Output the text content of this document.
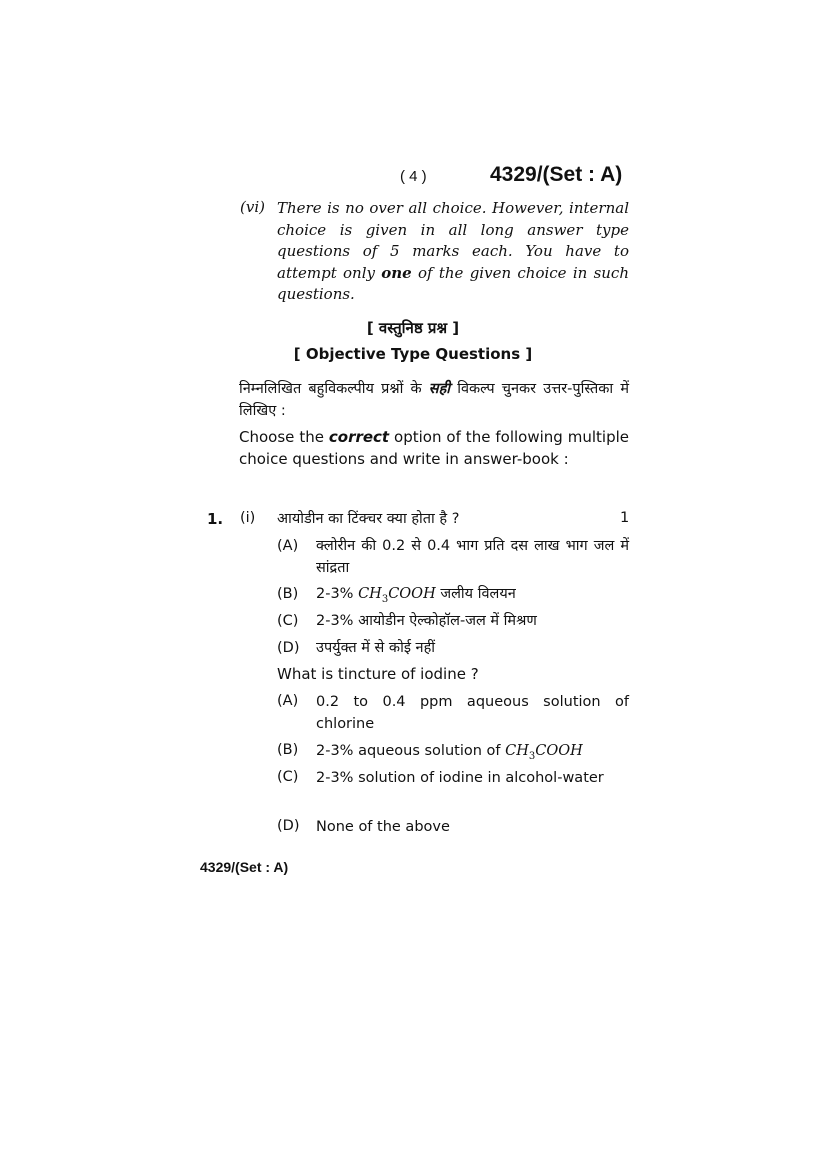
( 4 )	4329/(Set : A)
(vi) There is no over all choice. However, internal choice is given in all long answer type questions of 5 marks each. You have to attempt only one of the given choice in such questions.
[ वस्तुनिष्ठ प्रश्न ]
[ Objective Type Questions ]
निम्नलिखित बहुविकल्पीय प्रश्नों के सही विकल्प चुनकर उत्तर-पुस्तिका में लिखिए :
Choose the correct option of the following multiple choice questions and write in answer-book :
1. (i) आयोडीन का टिंक्चर क्या होता है ?	1
(A) क्लोरीन की 0.2 से 0.4 भाग प्रति दस लाख भाग जल में सांद्रता
(B) 2-3% $CH_3COOH$ जलीय विलयन
(C) 2-3% आयोडीन ऐल्कोहॉल-जल में मिश्रण
(D) उपर्युक्त में से कोई नहीं
What is tincture of iodine ?
(A) 0.2 to 0.4 ppm aqueous solution of chlorine
(B) 2-3% aqueous solution of $CH_3COOH$
(C) 2-3% solution of iodine in alcohol-water
(D) None of the above
4329/(Set : A)
